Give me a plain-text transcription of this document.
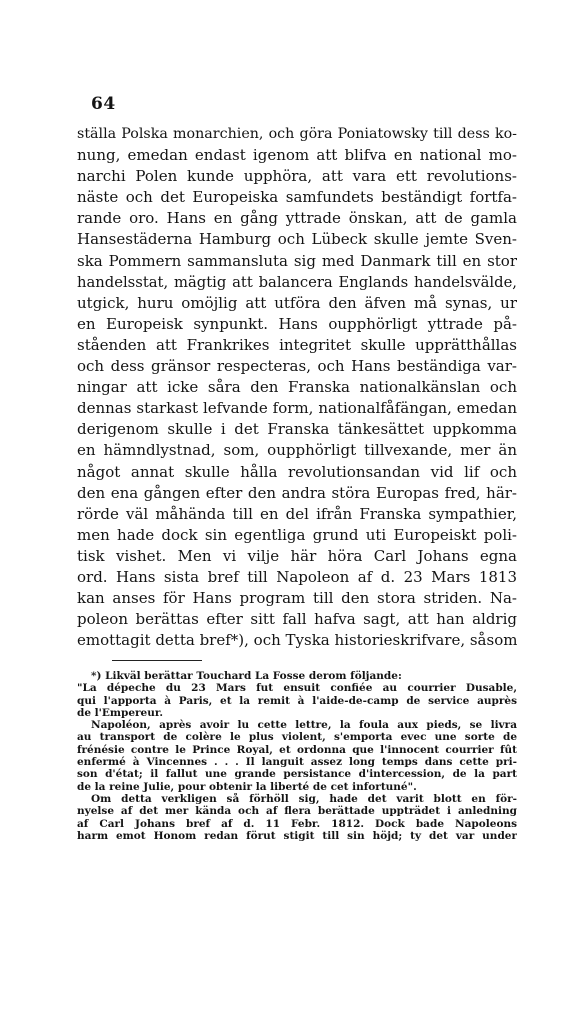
64
ställa Polska monarchien, och göra Poniatowsky till dess ko-
nung, emedan endast igenom att blifva en national mo-
narchi Polen kunde upphöra, att vara ett revolutions-
näste och det Europeiska samfundets beständigt fortfa-
rande oro. Hans en gång yttrade önskan, att de gamla
Hansestäderna Hamburg och Lübeck skulle jemte Sven-
ska Pommern sammansluta sig med Danmark till en stor
handelsstat, mägtig att balancera Englands handelsvälde,
utgick, huru omöjlig att utföra den äfven må synas, ur
en Europeisk synpunkt. Hans oupphörligt yttrade på-
ståenden att Frankrikes integritet skulle upprätthållas
och dess gränsor respecteras, och Hans beständiga var-
ningar att icke såra den Franska nationalkänslan och
dennas starkast lefvande form, nationalfåfängan, emedan
derigenom skulle i det Franska tänkesättet uppkomma
en hämndlystnad, som, oupphörligt tillvexande, mer än
något annat skulle hålla revolutionsandan vid lif och
den ena gången efter den andra störa Europas fred, här-
rörde väl måhända till en del ifrån Franska sympathier,
men hade dock sin egentliga grund uti Europeiskt poli-
tisk vishet. Men vi vilje här höra Carl Johans egna
ord. Hans sista bref till Napoleon af d. 23 Mars 1813
kan anses för Hans program till den stora striden. Na-
poleon berättas efter sitt fall hafva sagt, att han aldrig
emottagit detta bref*), och Tyska historieskrifvare, såsom
*) Likväl berättar Touchard La Fosse derom följande:
"La dépeche du 23 Mars fut ensuit confiée au courrier Dusable,
qui l'apporta à Paris, et la remit à l'aide-de-camp de service auprès
de l'Empereur.
Napoléon, après avoir lu cette lettre, la foula aux pieds, se livra
au transport de colère le plus violent, s'emporta evec une sorte de
frénésie contre le Prince Royal, et ordonna que l'innocent courrier fût
enfermé à Vincennes . . . Il languit assez long temps dans cette pri-
son d'état; il fallut une grande persistance d'intercession, de la part
de la reine Julie, pour obtenir la liberté de cet infortuné".
Om detta verkligen så förhöll sig, hade det varit blott en för-
nyelse af det mer kända och af flera berättade uppträdet i anledning
af Carl Johans bref af d. 11 Febr. 1812. Dock bade Napoleons
harm emot Honom redan förut stigit till sin höjd; ty det var under
